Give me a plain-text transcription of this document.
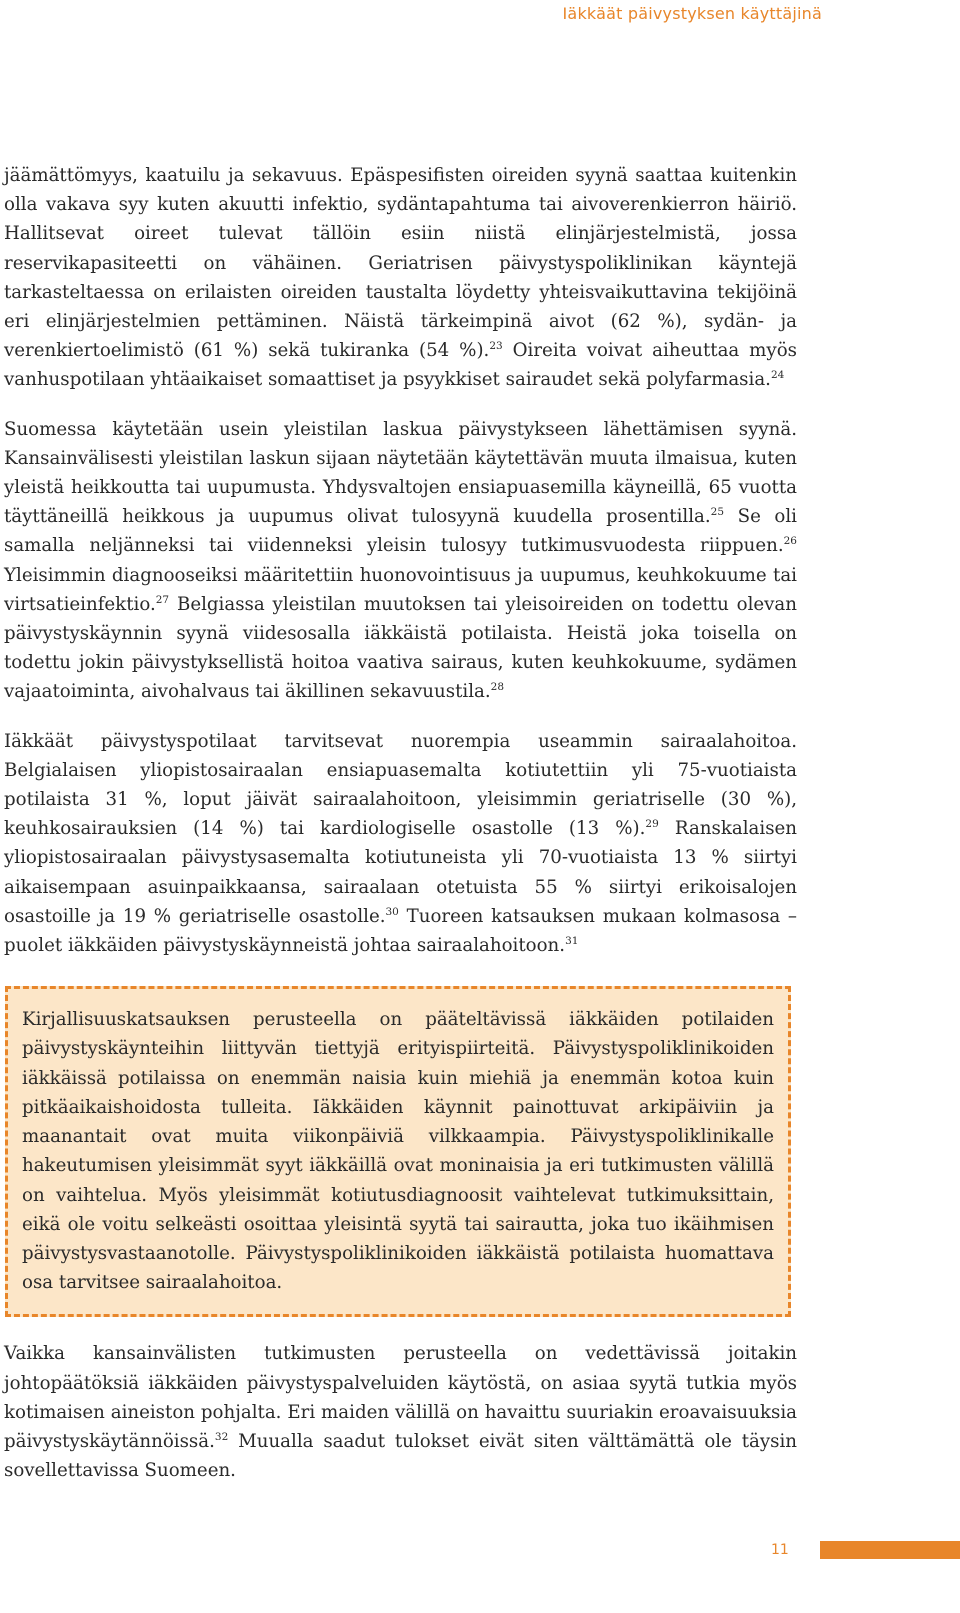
Iäkkäät päivystyksen käyttäjinä

jäämättömyys, kaatuilu ja sekavuus. Epäspesifisten oireiden syynä saattaa kuitenkin olla vakava syy kuten akuutti infektio, sydäntapahtuma tai aivoverenkierron häiriö. Hallitsevat oireet tulevat tällöin esiin niistä elinjärjestelmistä, jossa reservikapasiteetti on vähäinen. Geriatrisen päivystyspoliklinikan käyntejä tarkasteltaessa on erilaisten oireiden taustalta löydetty yhteisvaikuttavina tekijöinä eri elinjärjestelmien pettäminen. Näistä tärkeimpinä aivot (62 %), sydän- ja verenkiertoelimistö (61 %) sekä tukiranka (54 %).$^{23}$ Oireita voivat aiheuttaa myös vanhuspotilaan yhtäaikaiset somaattiset ja psyykkiset sairaudet sekä polyfarmasia.$^{24}$

Suomessa käytetään usein yleistilan laskua päivystykseen lähettämisen syynä. Kansainvälisesti yleistilan laskun sijaan näytetään käytettävän muuta ilmaisua, kuten yleistä heikkoutta tai uupumusta. Yhdysvaltojen ensiapuasemilla käyneillä, 65 vuotta täyttäneillä heikkous ja uupumus olivat tulosyynä kuudella prosentilla.$^{25}$ Se oli samalla neljänneksi tai viidenneksi yleisin tulosyy tutkimusvuodesta riippuen.$^{26}$ Yleisimmin diagnooseiksi määritettiin huonovointisuus ja uupumus, keuhkokuume tai virtsatieinfektio.$^{27}$ Belgiassa yleistilan muutoksen tai yleisoireiden on todettu olevan päivystyskäynnin syynä viidesosalla iäkkäistä potilaista. Heistä joka toisella on todettu jokin päivystyksellistä hoitoa vaativa sairaus, kuten keuhkokuume, sydämen vajaatoiminta, aivohalvaus tai äkillinen sekavuustila.$^{28}$

Iäkkäät päivystyspotilaat tarvitsevat nuorempia useammin sairaalahoitoa. Belgialaisen yliopistosairaalan ensiapuasemalta kotiutettiin yli 75-vuotiaista potilaista 31 %, loput jäivät sairaalahoitoon, yleisimmin geriatriselle (30 %), keuhkosairauksien (14 %) tai kardiologiselle osastolle (13 %).$^{29}$ Ranskalaisen yliopistosairaalan päivystysasemalta kotiutuneista yli 70-vuotiaista 13 % siirtyi aikaisempaan asuinpaikkaansa, sairaalaan otetuista 55 % siirtyi erikoisalojen osastoille ja 19 % geriatriselle osastolle.$^{30}$ Tuoreen katsauksen mukaan kolmasosa – puolet iäkkäiden päivystyskäynneistä johtaa sairaalahoitoon.$^{31}$

Kirjallisuuskatsauksen perusteella on pääteltävissä iäkkäiden potilaiden päivystyskäynteihin liittyvän tiettyjä erityispiirteitä. Päivystyspoliklinikoiden iäkkäissä potilaissa on enemmän naisia kuin miehiä ja enemmän kotoa kuin pitkäaikaishoidosta tulleita. Iäkkäiden käynnit painottuvat arkipäiviin ja maanantait ovat muita viikonpäiviä vilkkaampia. Päivystyspoliklinikalle hakeutumisen yleisimmät syyt iäkkäillä ovat moninaisia ja eri tutkimusten välillä on vaihtelua. Myös yleisimmät kotiutusdiagnoosit vaihtelevat tutkimuksittain, eikä ole voitu selkeästi osoittaa yleisintä syytä tai sairautta, joka tuo ikäihmisen päivystysvastaanotolle. Päivystyspoliklinikoiden iäkkäistä potilaista huomattava osa tarvitsee sairaalahoitoa.

Vaikka kansainvälisten tutkimusten perusteella on vedettävissä joitakin johtopäätöksiä iäkkäiden päivystyspalveluiden käytöstä, on asiaa syytä tutkia myös kotimaisen aineiston pohjalta. Eri maiden välillä on havaittu suuriakin eroavaisuuksia päivystyskäytännöissä.$^{32}$ Muualla saadut tulokset eivät siten välttämättä ole täysin sovellettavissa Suomeen.

11
